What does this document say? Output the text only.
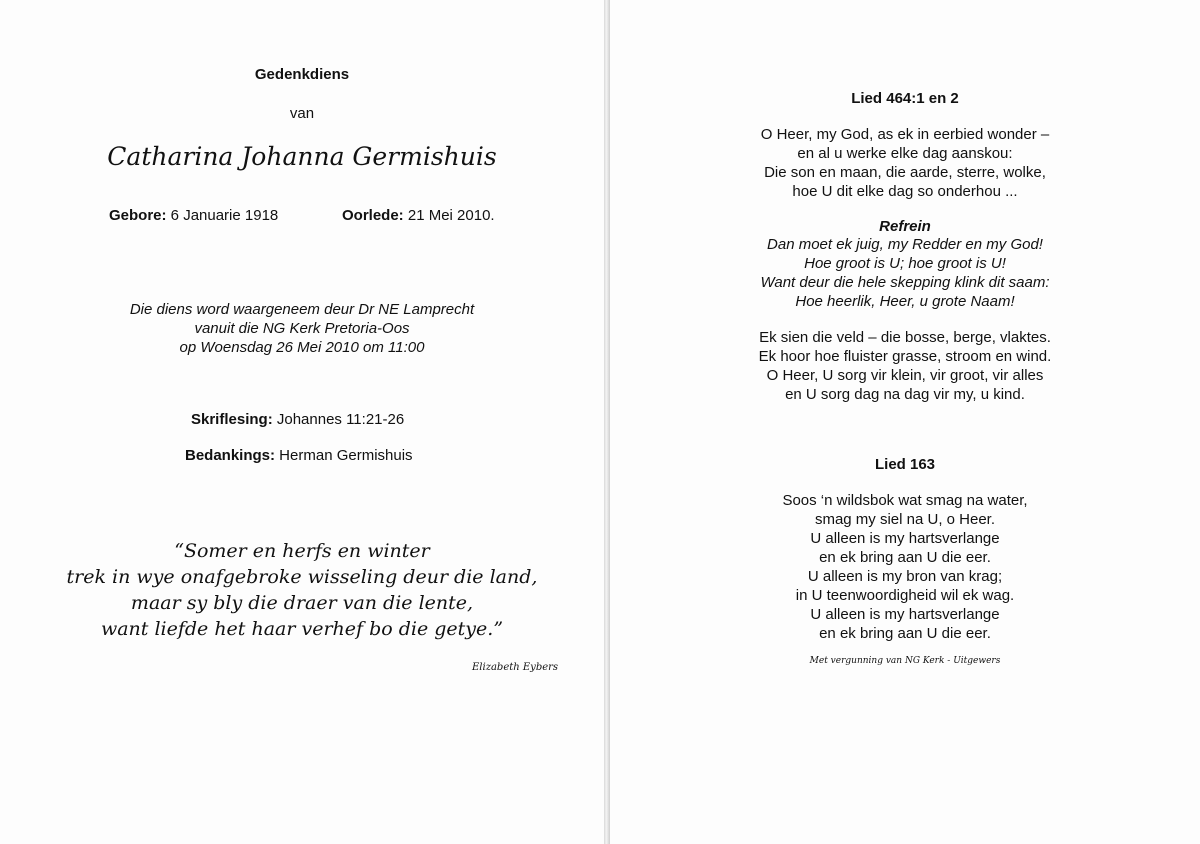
Gedenkdiens
van
Catharina Johanna Germishuis
Gebore: 6 Januarie 1918	Oorlede: 21 Mei 2010.
Die diens word waargeneem deur Dr NE Lamprecht
vanuit die NG Kerk Pretoria-Oos
op Woensdag 26 Mei 2010 om 11:00
Skriflesing: Johannes 11:21-26
Bedankings: Herman Germishuis
“Somer en herfs en winter
trek in wye onafgebroke wisseling deur die land,
maar sy bly die draer van die lente,
want liefde het haar verhef bo die getye.”
Elizabeth Eybers
Lied 464:1 en 2
O Heer, my God, as ek in eerbied wonder –
en al u werke elke dag aanskou:
Die son en maan, die aarde, sterre, wolke,
hoe U dit elke dag so onderhou ...
Refrein
Dan moet ek juig, my Redder en my God!
Hoe groot is U; hoe groot is U!
Want deur die hele skepping klink dit saam:
Hoe heerlik, Heer, u grote Naam!
Ek sien die veld – die bosse, berge, vlaktes.
Ek hoor hoe fluister grasse, stroom en wind.
O Heer, U sorg vir klein, vir groot, vir alles
en U sorg dag na dag vir my, u kind.
Lied 163
Soos ‘n wildsbok wat smag na water,
smag my siel na U, o Heer.
U alleen is my hartsverlange
en ek bring aan U die eer.
U alleen is my bron van krag;
in U teenwoordigheid wil ek wag.
U alleen is my hartsverlange
en ek bring aan U die eer.
Met vergunning van NG Kerk - Uitgewers
